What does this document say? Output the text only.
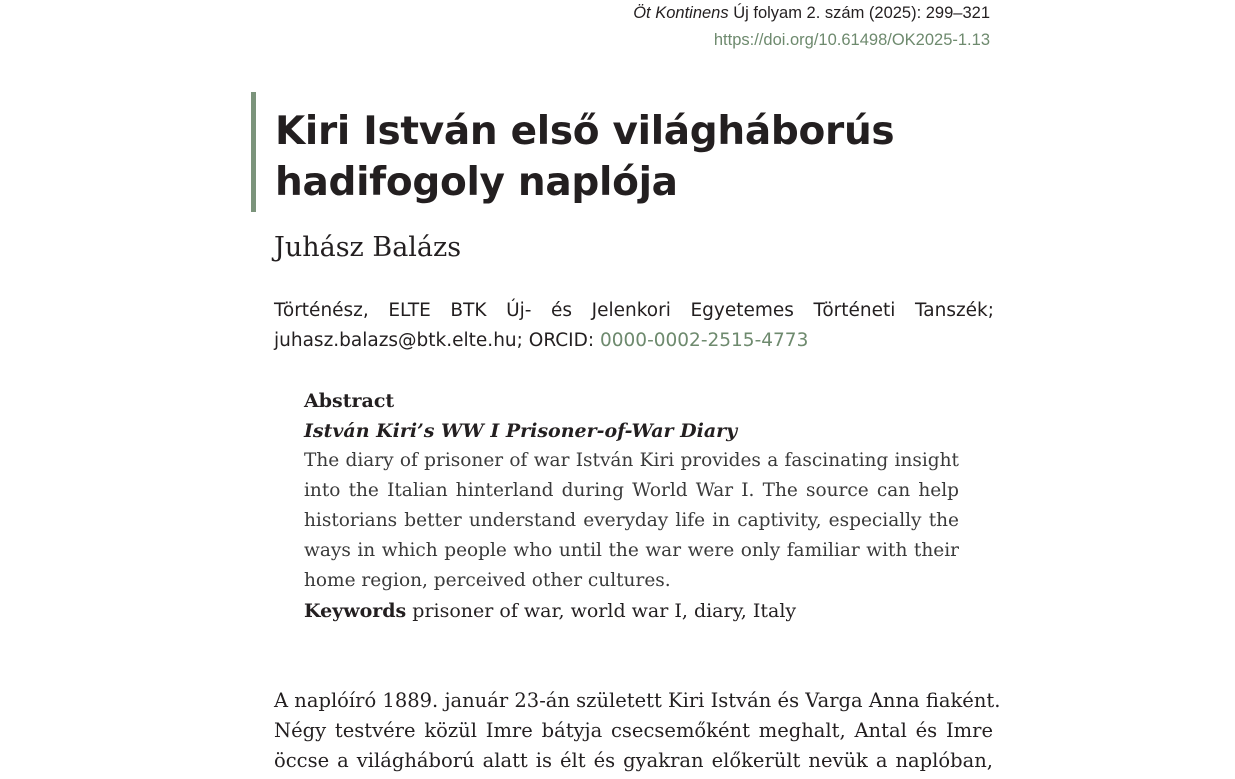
Öt Kontinens Új folyam 2. szám (2025): 299–321
https://doi.org/10.61498/OK2025-1.13
Kiri István első világháborús
hadifogoly naplója
Juhász Balázs
Történész, ELTE BTK Új- és Jelenkori Egyetemes Történeti Tanszék; juhasz.balazs@btk.elte.hu; ORCID: 0000-0002-2515-4773
Abstract
István Kiri’s WW I Prisoner-of-War Diary
The diary of prisoner of war István Kiri provides a fascinating insight into the Italian hinterland during World War I. The source can help historians better understand everyday life in captivity, especially the ways in which people who until the war were only familiar with their home region, perceived other cultures.
Keywords prisoner of war, world war I, diary, Italy
A naplóíró 1889. január 23-án született Kiri István és Varga Anna fiaként.
Négy testvére közül Imre bátyja csecsemőként meghalt, Antal és Imre
öccse a világháború alatt is élt és gyakran előkerült nevük a naplóban,
